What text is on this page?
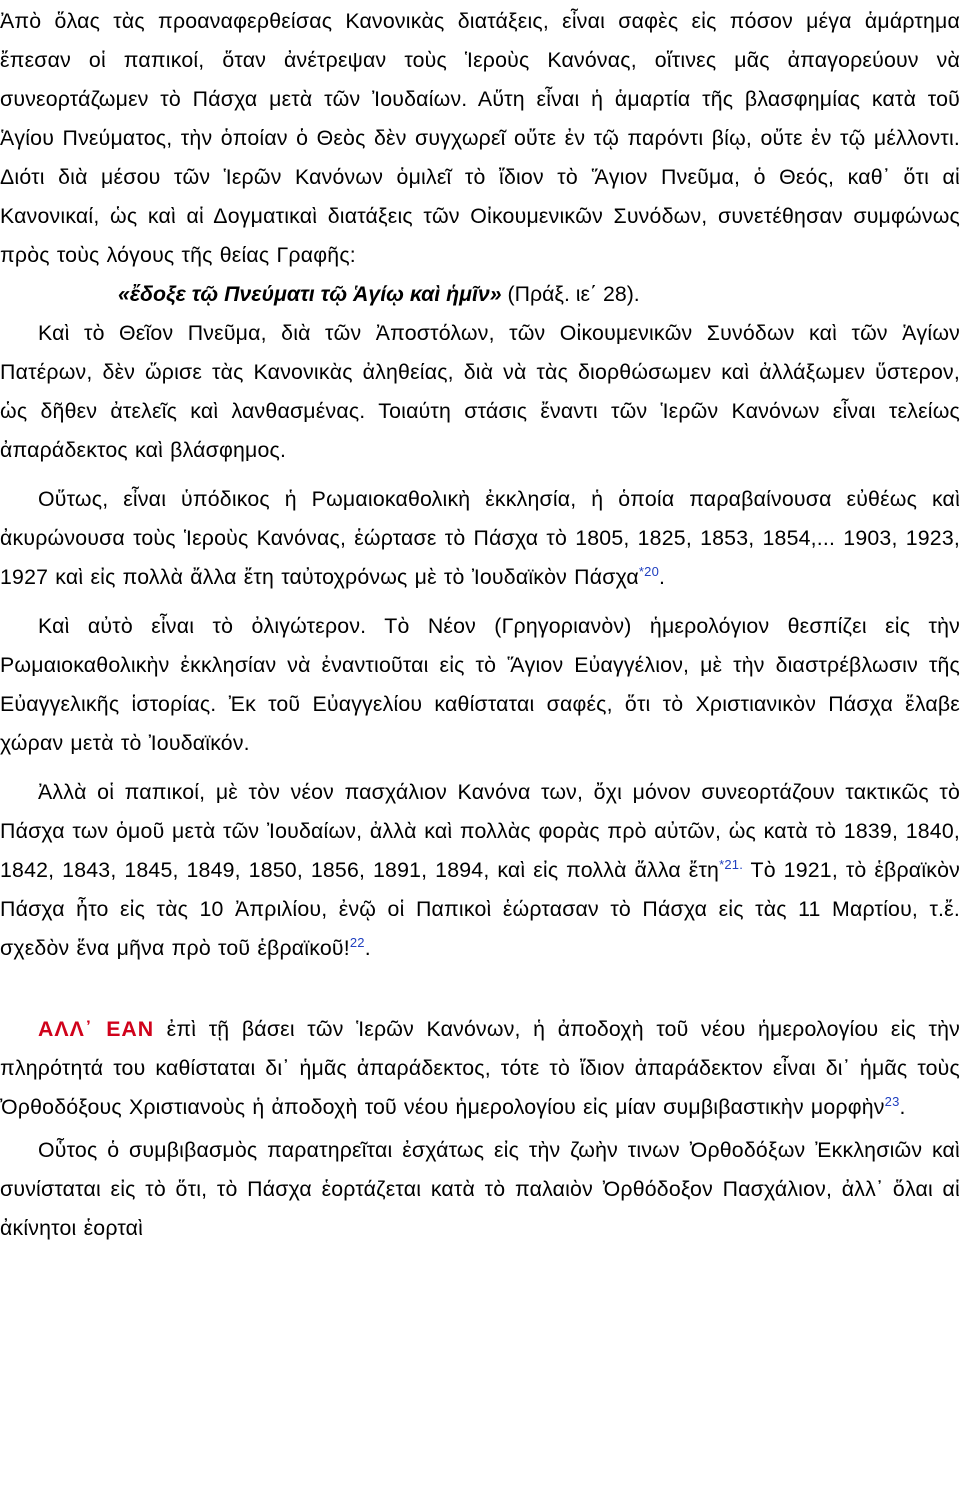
Ἀπὸ ὅλας τὰς προαναφερθείσας Κανονικὰς διατάξεις, εἶναι σαφὲς εἰς πόσον μέγα ἁμάρτημα ἔπεσαν οἱ παπικοί, ὅταν ἀνέτρεψαν τοὺς Ἱεροὺς Κανόνας, οἵτινες μᾶς ἀπαγορεύουν νὰ συνεορτάζωμεν τὸ Πάσχα μετὰ τῶν Ἰουδαίων. Αὕτη εἶναι ἡ ἁμαρτία τῆς βλασφημίας κατὰ τοῦ Ἁγίου Πνεύματος, τὴν ὁποίαν ὁ Θεὸς δὲν συγχωρεῖ οὔτε ἐν τῷ παρόντι βίῳ, οὔτε ἐν τῷ μέλλοντι. Διότι διὰ μέσου τῶν Ἱερῶν Κανόνων ὁμιλεῖ τὸ ἴδιον τὸ Ἅγιον Πνεῦμα, ὁ Θεός, καθ᾽ ὅτι αἱ Κανονικαί, ὡς καὶ αἱ Δογματικαὶ διατάξεις τῶν Οἰκουμενικῶν Συνόδων, συνετέθησαν συμφώνως πρὸς τοὺς λόγους τῆς θείας Γραφῆς:

«ἔδοξε τῷ Πνεύματι τῷ Ἁγίῳ καὶ ἡμῖν» (Πράξ. ιε΄ 28).

Καὶ τὸ Θεῖον Πνεῦμα, διὰ τῶν Ἀποστόλων, τῶν Οἰκουμενικῶν Συνόδων καὶ τῶν Ἁγίων Πατέρων, δὲν ὥρισε τὰς Κανονικὰς ἀληθείας, διὰ νὰ τὰς διορθώσωμεν καὶ ἀλλάξωμεν ὕστερον, ὡς δῆθεν ἀτελεῖς καὶ λανθασμένας. Τοιαύτη στάσις ἔναντι τῶν Ἱερῶν Κανόνων εἶναι τελείως ἀπαράδεκτος καὶ βλάσφημος.

Οὕτως, εἶναι ὑπόδικος ἡ Ρωμαιοκαθολικὴ ἐκκλησία, ἡ ὁποία παραβαίνουσα εὐθέως καὶ ἀκυρώνουσα τοὺς Ἱεροὺς Κανόνας, ἑώρτασε τὸ Πάσχα τὸ 1805, 1825, 1853, 1854,... 1903, 1923, 1927 καὶ εἰς πολλὰ ἄλλα ἔτη ταὐτοχρόνως μὲ τὸ Ἰουδαϊκὸν Πάσχα$^{*20}$.

Καὶ αὐτὸ εἶναι τὸ ὀλιγώτερον. Τὸ Νέον (Γρηγοριανὸν) ἡμερολόγιον θεσπίζει εἰς τὴν Ρωμαιοκαθολικὴν ἐκκλησίαν νὰ ἐναντιοῦται εἰς τὸ Ἅγιον Εὐαγγέλιον, μὲ τὴν διαστρέβλωσιν τῆς Εὐαγγελικῆς ἱστορίας. Ἐκ τοῦ Εὐαγγελίου καθίσταται σαφές, ὅτι τὸ Χριστιανικὸν Πάσχα ἔλαβε χώραν μετὰ τὸ Ἰουδαϊκόν.

Ἀλλὰ οἱ παπικοί, μὲ τὸν νέον πασχάλιον Κανόνα των, ὄχι μόνον συνεορτάζουν τακτικῶς τὸ Πάσχα των ὁμοῦ μετὰ τῶν Ἰουδαίων, ἀλλὰ καὶ πολλὰς φορὰς πρὸ αὐτῶν, ὡς κατὰ τὸ 1839, 1840, 1842, 1843, 1845, 1849, 1850, 1856, 1891, 1894, καὶ εἰς πολλὰ ἄλλα ἔτη$^{*21.}$ Τὸ 1921, τὸ ἑβραϊκὸν Πάσχα ἦτο εἰς τὰς 10 Ἀπριλίου, ἐνῷ οἱ Παπικοὶ ἑώρτασαν τὸ Πάσχα εἰς τὰς 11 Μαρτίου, τ.ἔ. σχεδὸν ἕνα μῆνα πρὸ τοῦ ἑβραϊκοῦ!$^{22}$.

ΑΛΛ᾽ ΕΑΝ ἐπὶ τῇ βάσει τῶν Ἱερῶν Κανόνων, ἡ ἀποδοχὴ τοῦ νέου ἡμερολογίου εἰς τὴν πληρότητά του καθίσταται δι᾽ ἡμᾶς ἀπαράδεκτος, τότε τὸ ἴδιον ἀπαράδεκτον εἶναι δι᾽ ἡμᾶς τοὺς Ὀρθοδόξους Χριστιανοὺς ἡ ἀποδοχὴ τοῦ νέου ἡμερολογίου εἰς μίαν συμβιβαστικὴν μορφὴν$^{23}$.

Οὗτος ὁ συμβιβασμὸς παρατηρεῖται ἐσχάτως εἰς τὴν ζωὴν τινων Ὀρθοδόξων Ἐκκλησιῶν καὶ συνίσταται εἰς τὸ ὅτι, τὸ Πάσχα ἑορτάζεται κατὰ τὸ παλαιὸν Ὀρθόδοξον Πασχάλιον, ἀλλ᾽ ὅλαι αἱ ἀκίνητοι ἑορταὶ
